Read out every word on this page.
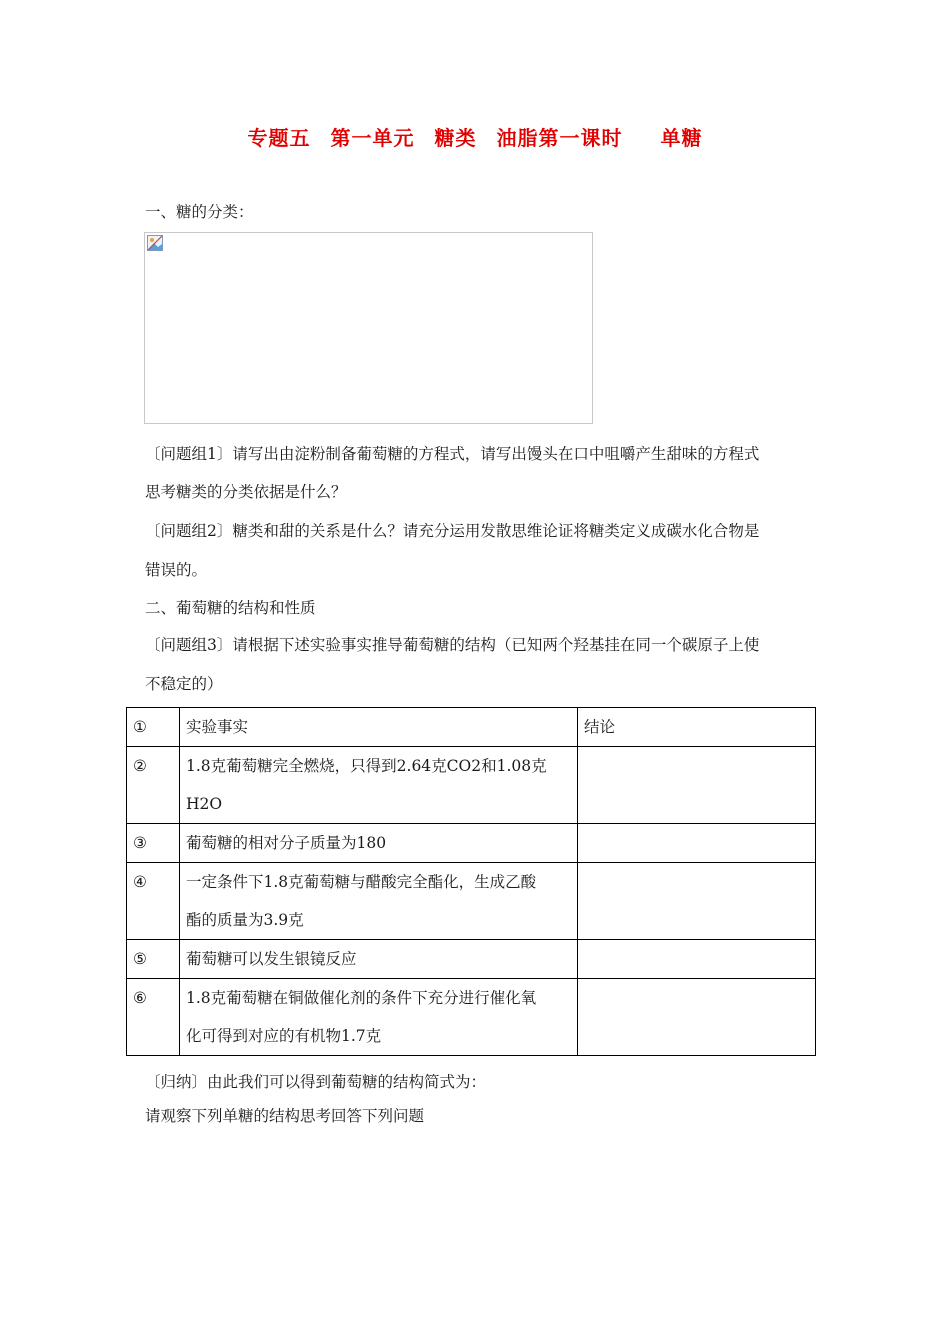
专题五 第一单元 糖类 油脂第一课时 单糖
一、糖的分类：
〔问题组1〕请写出由淀粉制备葡萄糖的方程式，请写出馒头在口中咀嚼产生甜味的方程式
思考糖类的分类依据是什么？
〔问题组2〕糖类和甜的关系是什么？请充分运用发散思维论证将糖类定义成碳水化合物是
错误的。
二、葡萄糖的结构和性质
〔问题组3〕请根据下述实验事实推导葡萄糖的结构（已知两个羟基挂在同一个碳原子上使
不稳定的）
①	实验事实	结论
②	1.8克葡萄糖完全燃烧，只得到2.64克CO2和1.08克
H2O	

③	葡萄糖的相对分子质量为180	

④	一定条件下1.8克葡萄糖与醋酸完全酯化，生成乙酸
酯的质量为3.9克	

⑤	葡萄糖可以发生银镜反应	

⑥	1.8克葡萄糖在铜做催化剂的条件下充分进行催化氧
化可得到对应的有机物1.7克	

〔归纳〕由此我们可以得到葡萄糖的结构简式为：
请观察下列单糖的结构思考回答下列问题
